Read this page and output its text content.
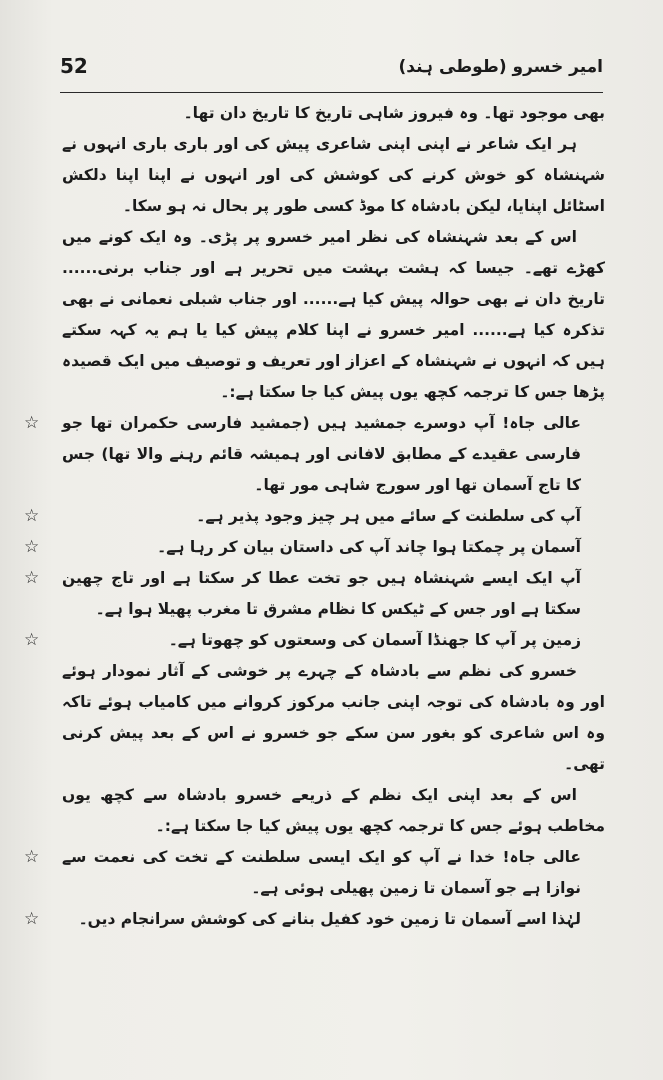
52	امیر خسرو (طوطی ہند)

بھی موجود تھا۔ وہ فیروز شاہی تاریخ کا تاریخ دان تھا۔

ہر ایک شاعر نے اپنی اپنی شاعری پیش کی اور باری باری انہوں نے شہنشاہ کو خوش کرنے کی کوشش کی اور انہوں نے اپنا اپنا دلکش اسٹائل اپنایا، لیکن بادشاہ کا موڈ کسی طور پر بحال نہ ہو سکا۔

اس کے بعد شہنشاہ کی نظر امیر خسرو پر پڑی۔ وہ ایک کونے میں کھڑے تھے۔ جیسا کہ ہشت بہشت میں تحریر ہے اور جناب برنی...... تاریخ دان نے بھی حوالہ پیش کیا ہے...... اور جناب شبلی نعمانی نے بھی تذکرہ کیا ہے...... امیر خسرو نے اپنا کلام پیش کیا یا ہم یہ کہہ سکتے ہیں کہ انہوں نے شہنشاہ کے اعزاز اور تعریف و توصیف میں ایک قصیدہ پڑھا جس کا ترجمہ کچھ یوں پیش کیا جا سکتا ہے:۔

☆ عالی جاہ! آپ دوسرے جمشید ہیں (جمشید فارسی حکمران تھا جو فارسی عقیدے کے مطابق لافانی اور ہمیشہ قائم رہنے والا تھا) جس کا تاج آسمان تھا اور سورج شاہی مور تھا۔

☆	آپ کی سلطنت کے سائے میں ہر چیز وجود پذیر ہے۔

☆	آسمان پر چمکتا ہوا چاند آپ کی داستان بیان کر رہا ہے۔

☆ آپ ایک ایسے شہنشاہ ہیں جو تخت عطا کر سکتا ہے اور تاج چھین سکتا ہے اور جس کے ٹیکس کا نظام مشرق تا مغرب پھیلا ہوا ہے۔

☆	زمین پر آپ کا جھنڈا آسمان کی وسعتوں کو چھوتا ہے۔

خسرو کی نظم سے بادشاہ کے چہرے پر خوشی کے آثار نمودار ہوئے اور وہ بادشاہ کی توجہ اپنی جانب مرکوز کروانے میں کامیاب ہوئے تاکہ وہ اس شاعری کو بغور سن سکے جو خسرو نے اس کے بعد پیش کرنی تھی۔

اس کے بعد اپنی ایک نظم کے ذریعے خسرو بادشاہ سے کچھ یوں مخاطب ہوئے جس کا ترجمہ کچھ یوں پیش کیا جا سکتا ہے:۔

☆ عالی جاہ! خدا نے آپ کو ایک ایسی سلطنت کے تخت کی نعمت سے نوازا ہے جو آسمان تا زمین پھیلی ہوئی ہے۔

☆	لہٰذا اسے آسمان تا زمین خود کفیل بنانے کی کوشش سرانجام دیں۔
